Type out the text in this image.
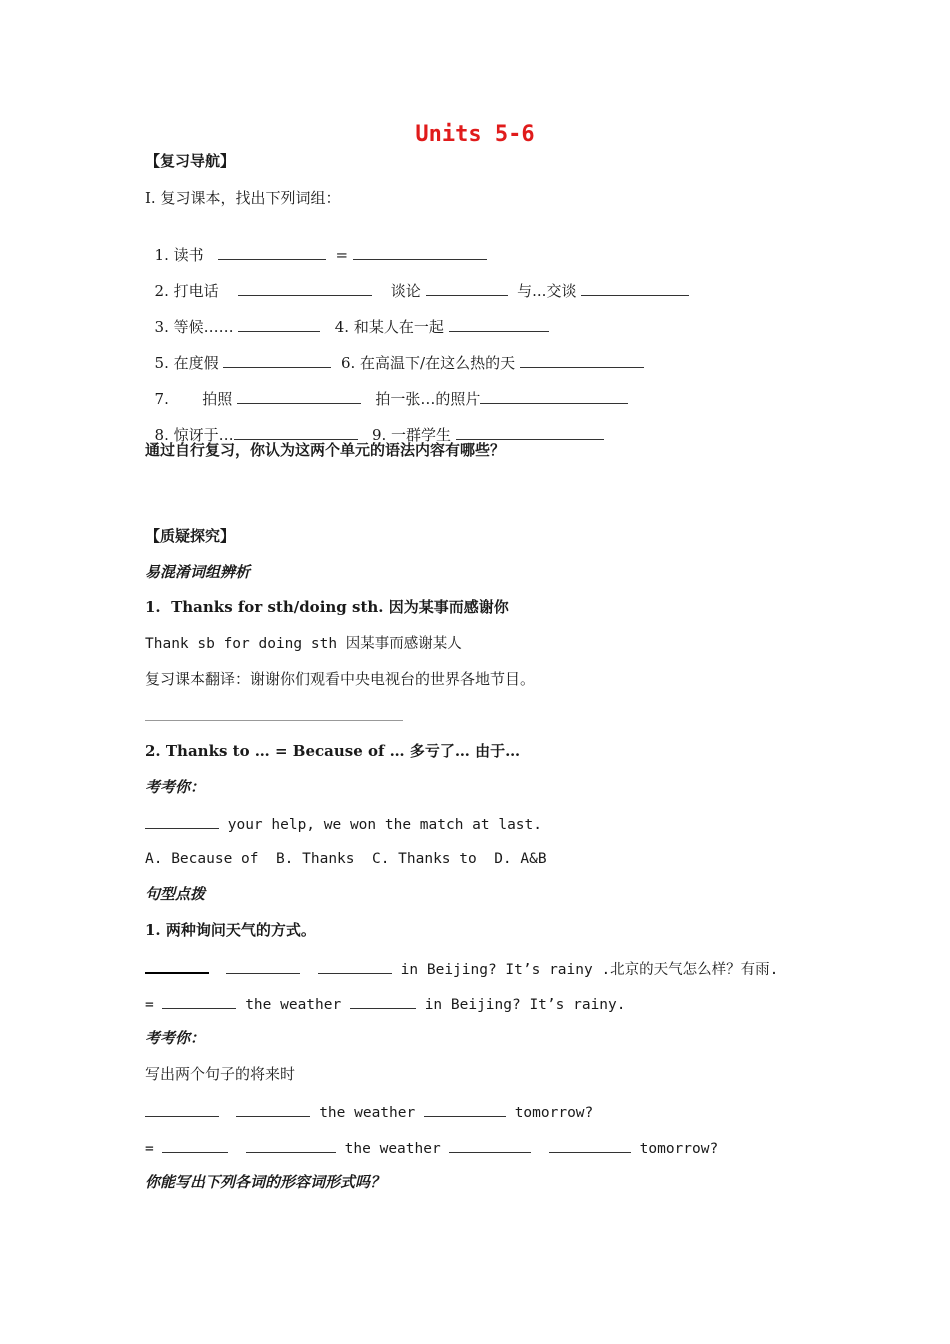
Units 5-6
【复习导航】
I. 复习课本，找出下列词组：

1. 读书	=

2. 打电话	谈论	与...交谈

3. 等候……	4. 和某人在一起

5. 在度假	6. 在高温下/在这么热的天

7. 拍照	拍一张…的照片

8. 惊讶于…	9. 一群学生

通过自行复习，你认为这两个单元的语法内容有哪些？
【质疑探究】
易混淆词组辨析
1.  Thanks for sth/doing sth. 因为某事而感谢你
Thank sb for doing sth 因某事而感谢某人
复习课本翻译：谢谢你们观看中央电视台的世界各地节目。
2. Thanks to … = Because of … 多亏了… 由于…
考考你：
your help, we won the match at last.
A. Because of  B. Thanks  C. Thanks to  D. A&B
句型点拨
1. 两种询问天气的方式。
in Beijing? It’s rainy .北京的天气怎么样？有雨.
=	the weather	in Beijing? It’s rainy.
考考你：
写出两个句子的将来时
the weather	tomorrow?
=	the weather	tomorrow?
你能写出下列各词的形容词形式吗？
